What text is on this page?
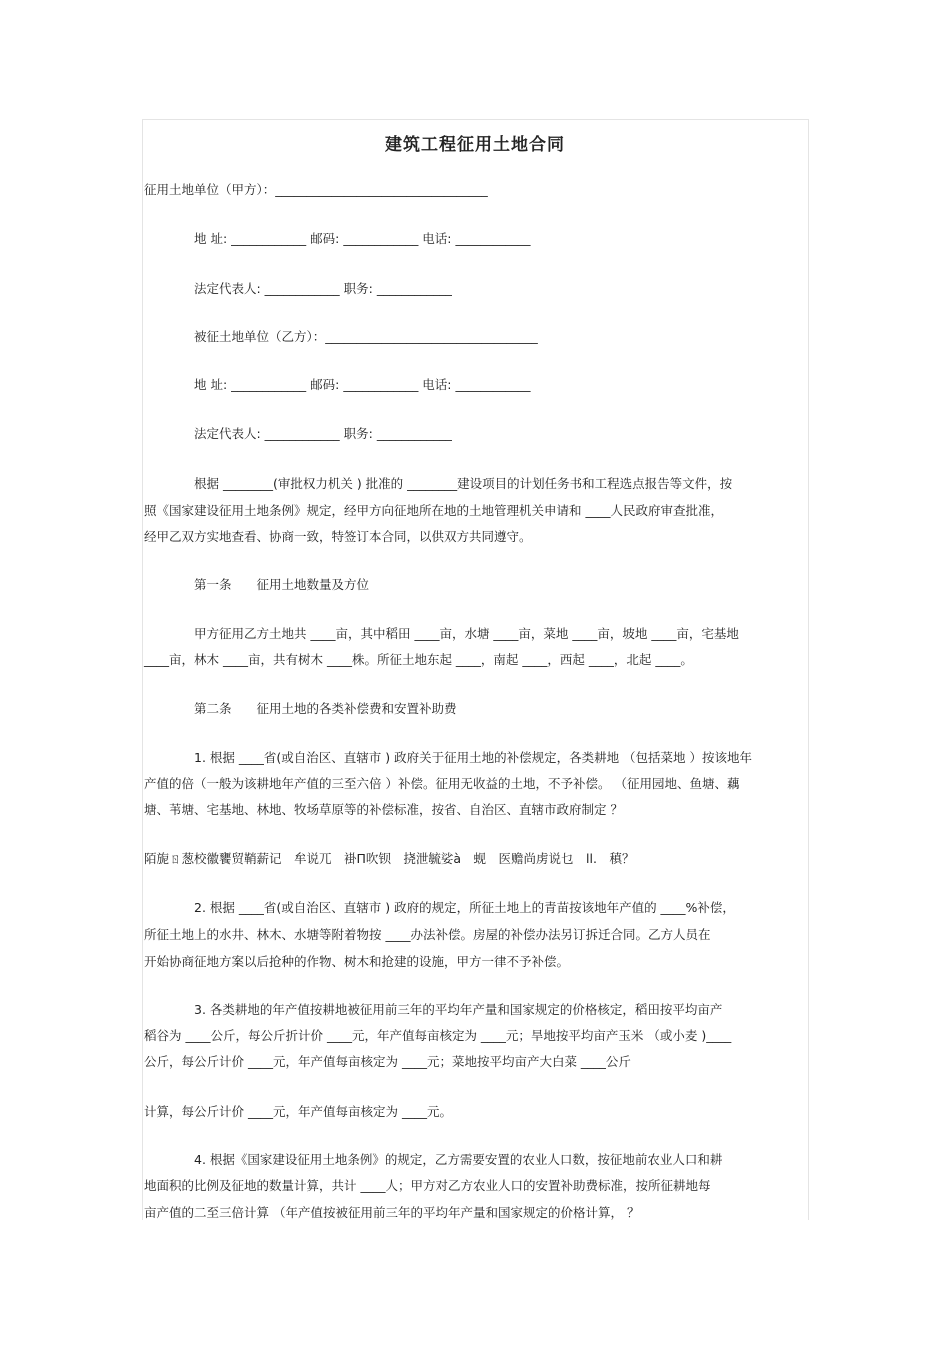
建筑工程征用土地合同
征用土地单位（甲方）：__________________________________
地 址: ____________ 邮码: ____________ 电话: ____________
法定代表人: ____________ 职务: ____________
被征土地单位（乙方）：__________________________________
地 址: ____________ 邮码: ____________ 电话: ____________
法定代表人: ____________ 职务: ____________
根据 ________(审批权力机关 ) 批准的 ________建设项目的计划任务书和工程选点报告等文件，按
照《国家建设征用土地条例》规定，经甲方向征地所在地的土地管理机关申请和 ____人民政府审查批准，
经甲乙双方实地查看、协商一致，特签订本合同，以供双方共同遵守。
第一条　　征用土地数量及方位
甲方征用乙方土地共 ____亩，其中稻田 ____亩，水塘 ____亩，菜地 ____亩，坡地 ____亩，宅基地
____亩，林木 ____亩，共有树木 ____株。所征土地东起 ____，南起 ____，西起 ____，北起 ____。
第二条　　征用土地的各类补偿费和安置补助费
1. 根据 ____省(或自治区、直辖市 ) 政府关于征用土地的补偿规定，各类耕地 （包括菜地 ）按该地年
产值的倍（一般为该耕地年产值的三至六倍 ）补偿。征用无收益的土地，不予补偿。 （征用园地、鱼塘、藕
塘、苇塘、宅基地、林地、牧场草原等的补偿标准，按省、自治区、直辖市政府制定 ？
陌旎ㄖ葱校徽饔贸鞘薪记　牟说兀　褂Π吹钡　挠泄毓娑à　蚬　医赡尚虏说乜　ll.　稹？
2. 根据 ____省(或自治区、直辖市 ) 政府的规定，所征土地上的青苗按该地年产值的 ____%补偿，
所征土地上的水井、林木、水塘等附着物按 ____办法补偿。房屋的补偿办法另订拆迁合同。乙方人员在
开始协商征地方案以后抢种的作物、树木和抢建的设施，甲方一律不予补偿。
3. 各类耕地的年产值按耕地被征用前三年的平均年产量和国家规定的价格核定，稻田按平均亩产
稻谷为 ____公斤，每公斤折计价 ____元，年产值每亩核定为 ____元；旱地按平均亩产玉米 （或小麦 )____
公斤，每公斤计价 ____元，年产值每亩核定为 ____元；菜地按平均亩产大白菜 ____公斤
计算，每公斤计价 ____元，年产值每亩核定为 ____元。
4. 根据《国家建设征用土地条例》的规定，乙方需要安置的农业人口数，按征地前农业人口和耕
地面积的比例及征地的数量计算，共计 ____人；甲方对乙方农业人口的安置补助费标准，按所征耕地每
亩产值的二至三倍计算 （年产值按被征用前三年的平均年产量和国家规定的价格计算， ？
